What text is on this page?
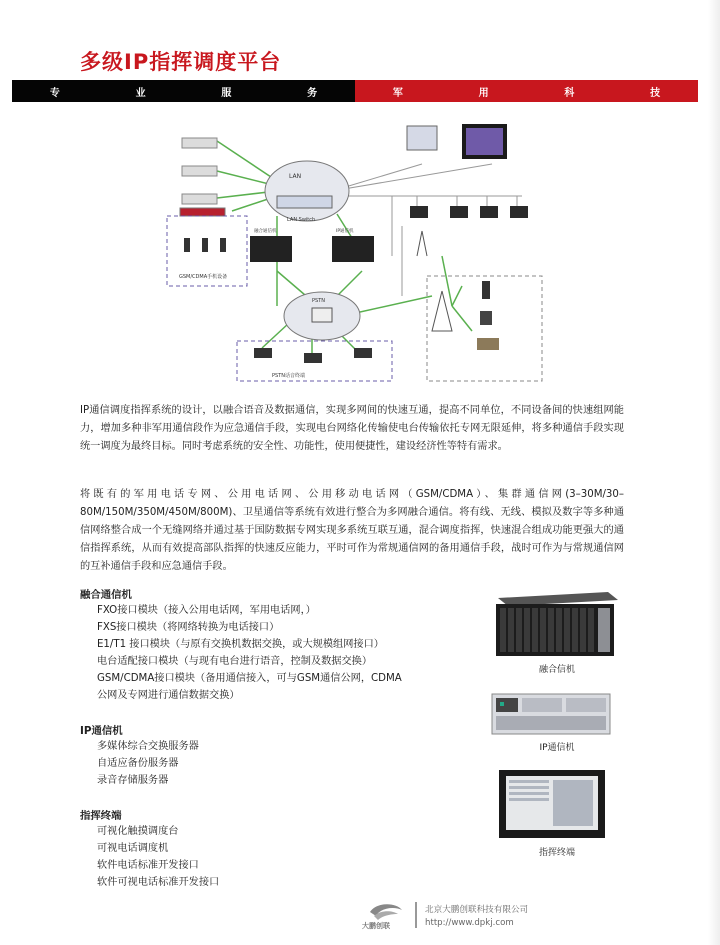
多级IP指挥调度平台
专	业	服	务	军	用	科	技
LAN
LAN Switch
GSM/CDMA手机设备
融合通信机	IP通信机
PSTN
PSTN话音终端
IP通信调度指挥系统的设计，以融合语音及数据通信，实现多网间的快速互通，提高不同单位，不同设备间的快速组网能力，增加多种非军用通信段作为应急通信手段，实现电台网络化传输使电台传输依托专网无限延伸，将多种通信手段实现统一调度为最终目标。同时考虑系统的安全性、功能性，使用便捷性，建设经济性等特有需求。
将既有的军用电话专网、公用电话网、公用移动电话网（GSM/CDMA）、集群通信网(3–30M/30–80M/150M/350M/450M/800M)、卫星通信等系统有效进行整合为多网融合通信。将有线、无线、模拟及数字等多种通信网络整合成一个无缝网络并通过基于国防数据专网实现多系统互联互通，混合调度指挥，快速混合组成功能更强大的通信指挥系统，从而有效提高部队指挥的快速反应能力，平时可作为常规通信网的备用通信手段，战时可作为与常规通信网的互补通信手段和应急通信手段。
融合通信机
FXO接口模块（接入公用电话网，军用电话网，）
FXS接口模块（将网络转换为电话接口）
E1/T1 接口模块（与原有交换机数据交换，或大规模组网接口）
电台适配接口模块（与现有电台进行语音，控制及数据交换）
GSM/CDMA接口模块（备用通信接入，可与GSM通信公网，CDMA
公网及专网进行通信数据交换）
IP通信机
多媒体综合交换服务器
自适应备份服务器
录音存储服务器
指挥终端
可视化触摸调度台
可视电话调度机
软件电话标准开发接口
软件可视电话标准开发接口
融合信机
IP通信机
指挥终端
大鹏创联
北京大鹏创联科技有限公司
http://www.dpkj.com
